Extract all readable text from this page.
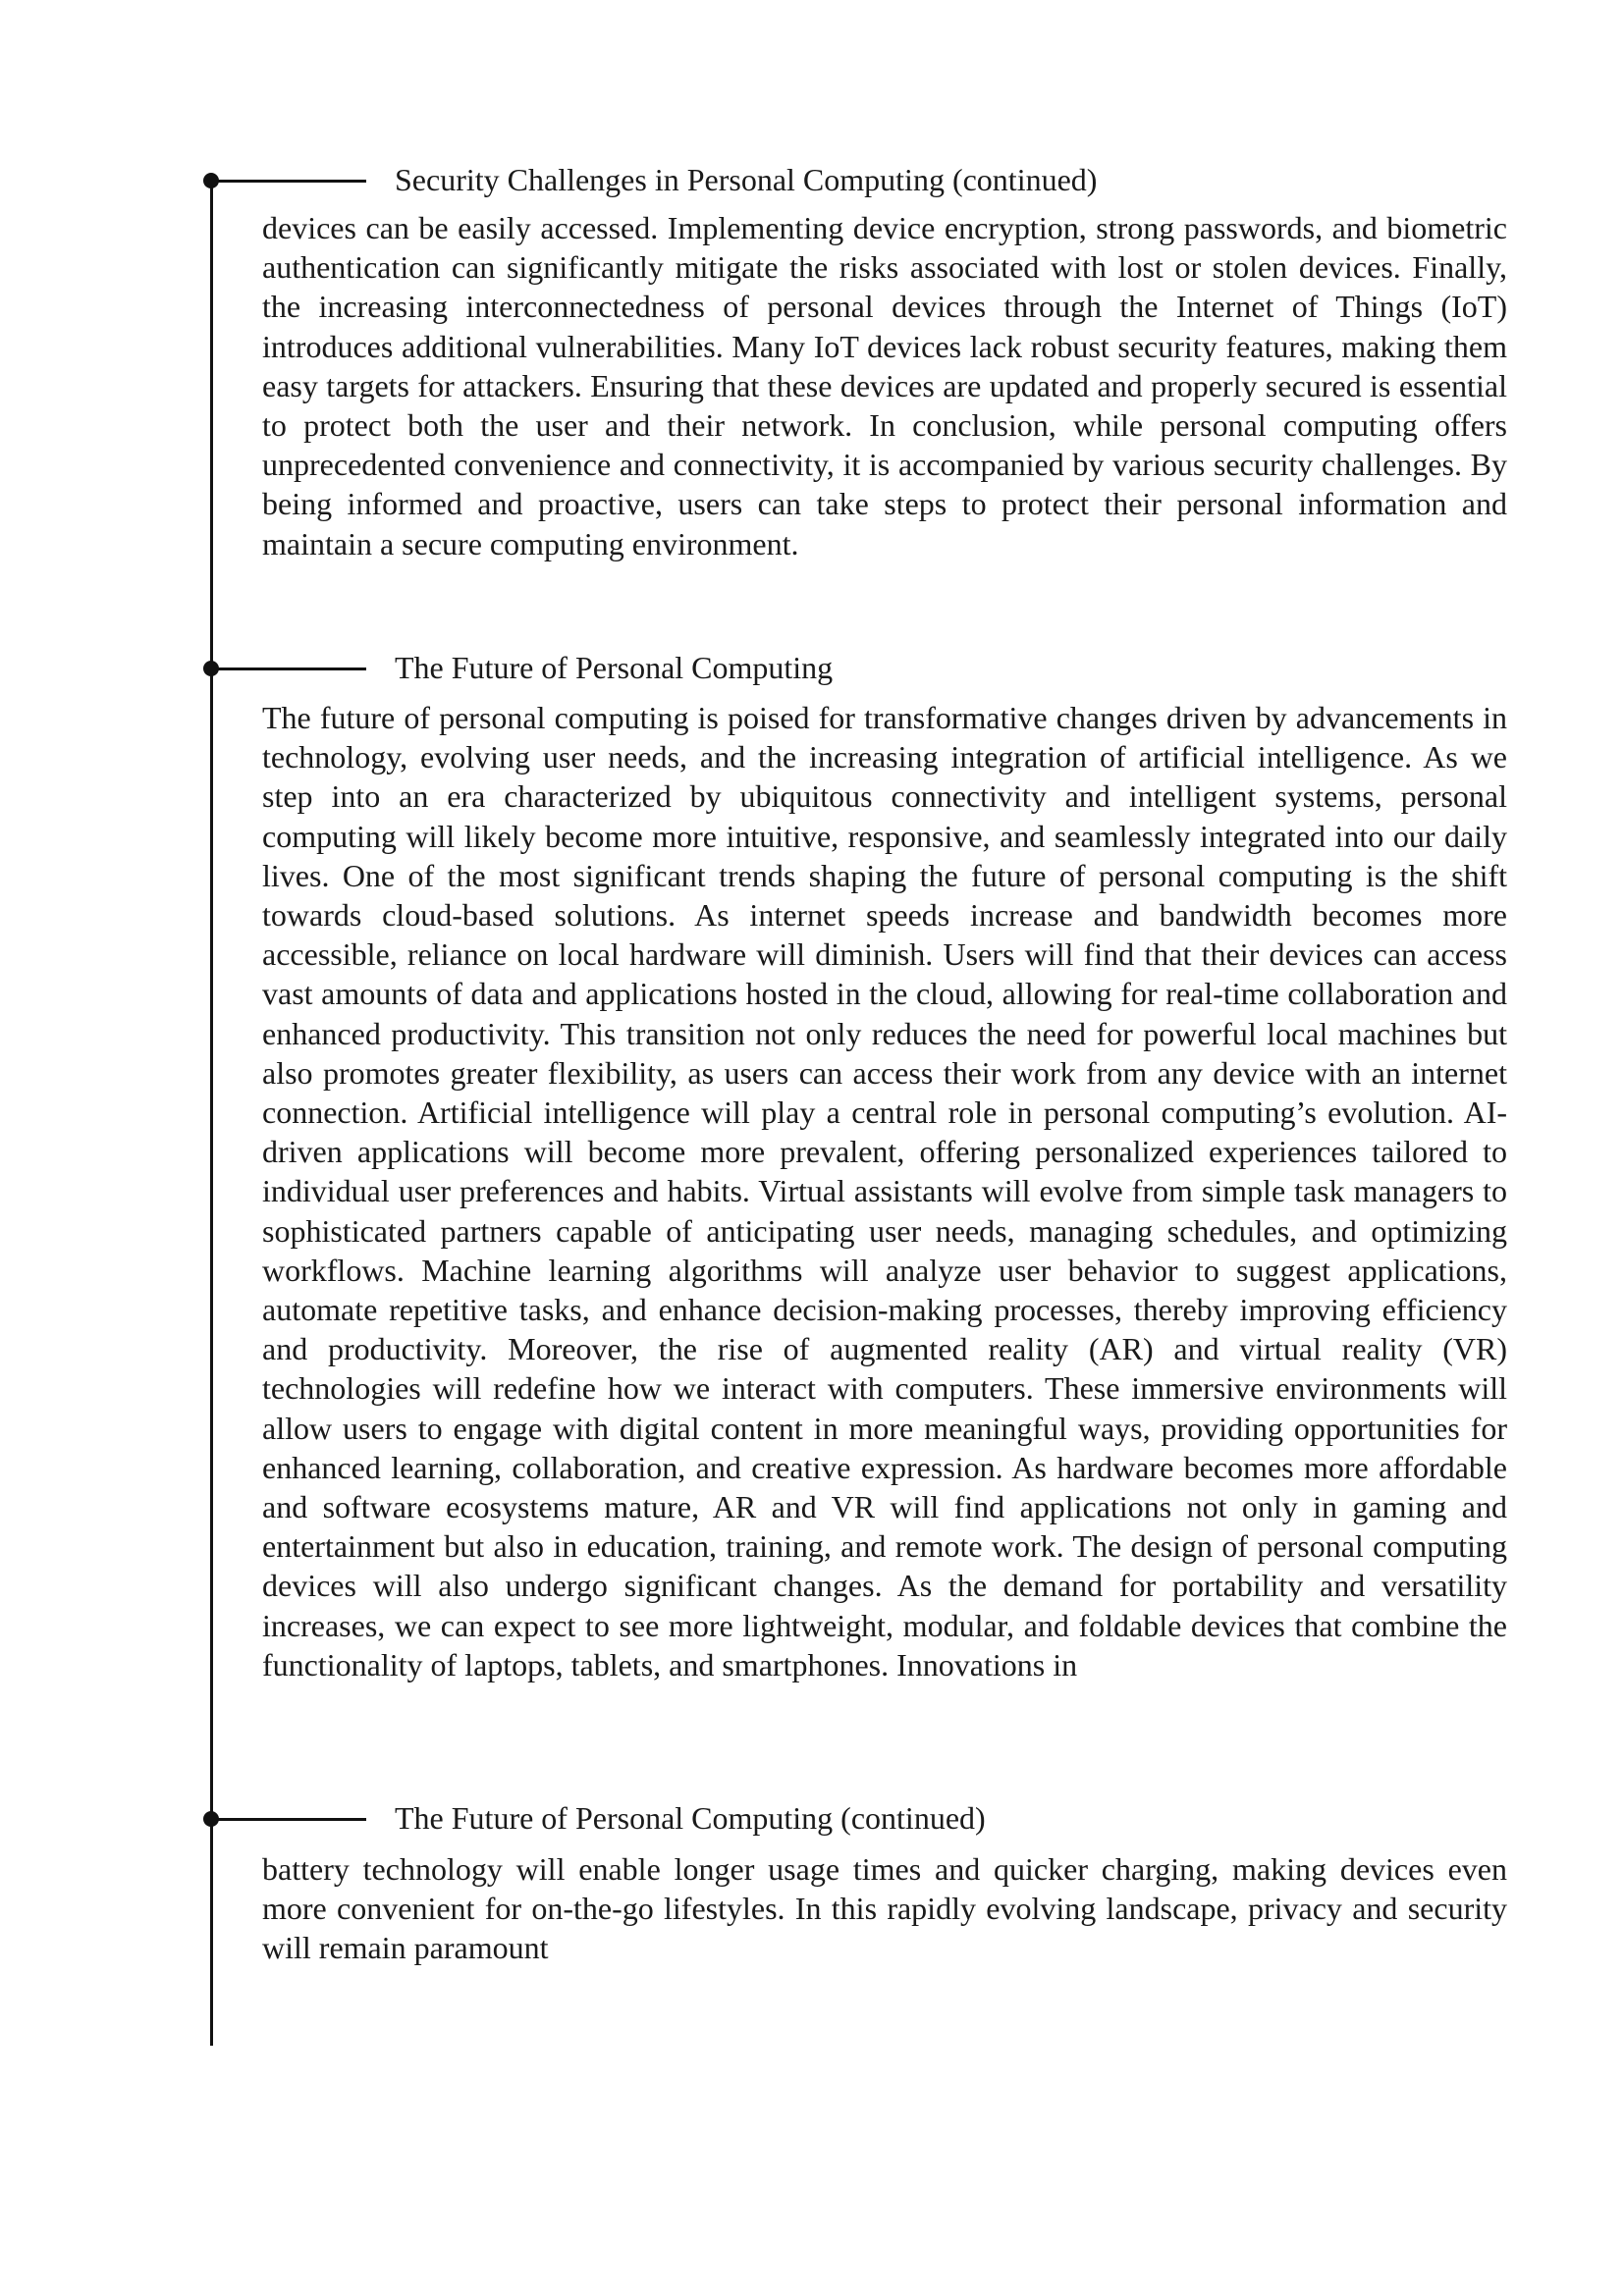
Security Challenges in Personal Computing (continued)

devices can be easily accessed. Implementing device encryption, strong passwords, and biometric authentication can significantly mitigate the risks associated with lost or stolen devices. Finally, the increasing interconnectedness of personal devices through the Internet of Things (IoT) introduces additional vulnerabilities. Many IoT devices lack robust security features, making them easy targets for attackers. Ensuring that these devices are updated and properly secured is essential to protect both the user and their network. In conclusion, while personal computing offers unprecedented convenience and connectivity, it is accompanied by various security challenges. By being informed and proactive, users can take steps to protect their personal information and maintain a secure computing environment.

The Future of Personal Computing

The future of personal computing is poised for transformative changes driven by advancements in technology, evolving user needs, and the increasing integration of artificial intelligence. As we step into an era characterized by ubiquitous connectivity and intelligent systems, personal computing will likely become more intuitive, responsive, and seamlessly integrated into our daily lives. One of the most significant trends shaping the future of personal computing is the shift towards cloud-based solutions. As internet speeds increase and bandwidth becomes more accessible, reliance on local hardware will diminish. Users will find that their devices can access vast amounts of data and applications hosted in the cloud, allowing for real-time collaboration and enhanced productivity. This transition not only reduces the need for powerful local machines but also promotes greater flexibility, as users can access their work from any device with an internet connection. Artificial intelligence will play a central role in personal computing’s evolution. AI-driven applications will become more prevalent, offering personalized experiences tailored to individual user preferences and habits. Virtual assistants will evolve from simple task managers to sophisticated partners capable of anticipating user needs, managing schedules, and optimizing workflows. Machine learning algorithms will analyze user behavior to suggest applications, automate repetitive tasks, and enhance decision-making processes, thereby improving efficiency and productivity. Moreover, the rise of augmented reality (AR) and virtual reality (VR) technologies will redefine how we interact with computers. These immersive environments will allow users to engage with digital content in more meaningful ways, providing opportunities for enhanced learning, collaboration, and creative expression. As hardware becomes more affordable and software ecosystems mature, AR and VR will find applications not only in gaming and entertainment but also in education, training, and remote work. The design of personal computing devices will also undergo significant changes. As the demand for portability and versatility increases, we can expect to see more lightweight, modular, and foldable devices that combine the functionality of laptops, tablets, and smartphones. Innovations in

The Future of Personal Computing (continued)

battery technology will enable longer usage times and quicker charging, making devices even more convenient for on-the-go lifestyles. In this rapidly evolving landscape, privacy and security will remain paramount
